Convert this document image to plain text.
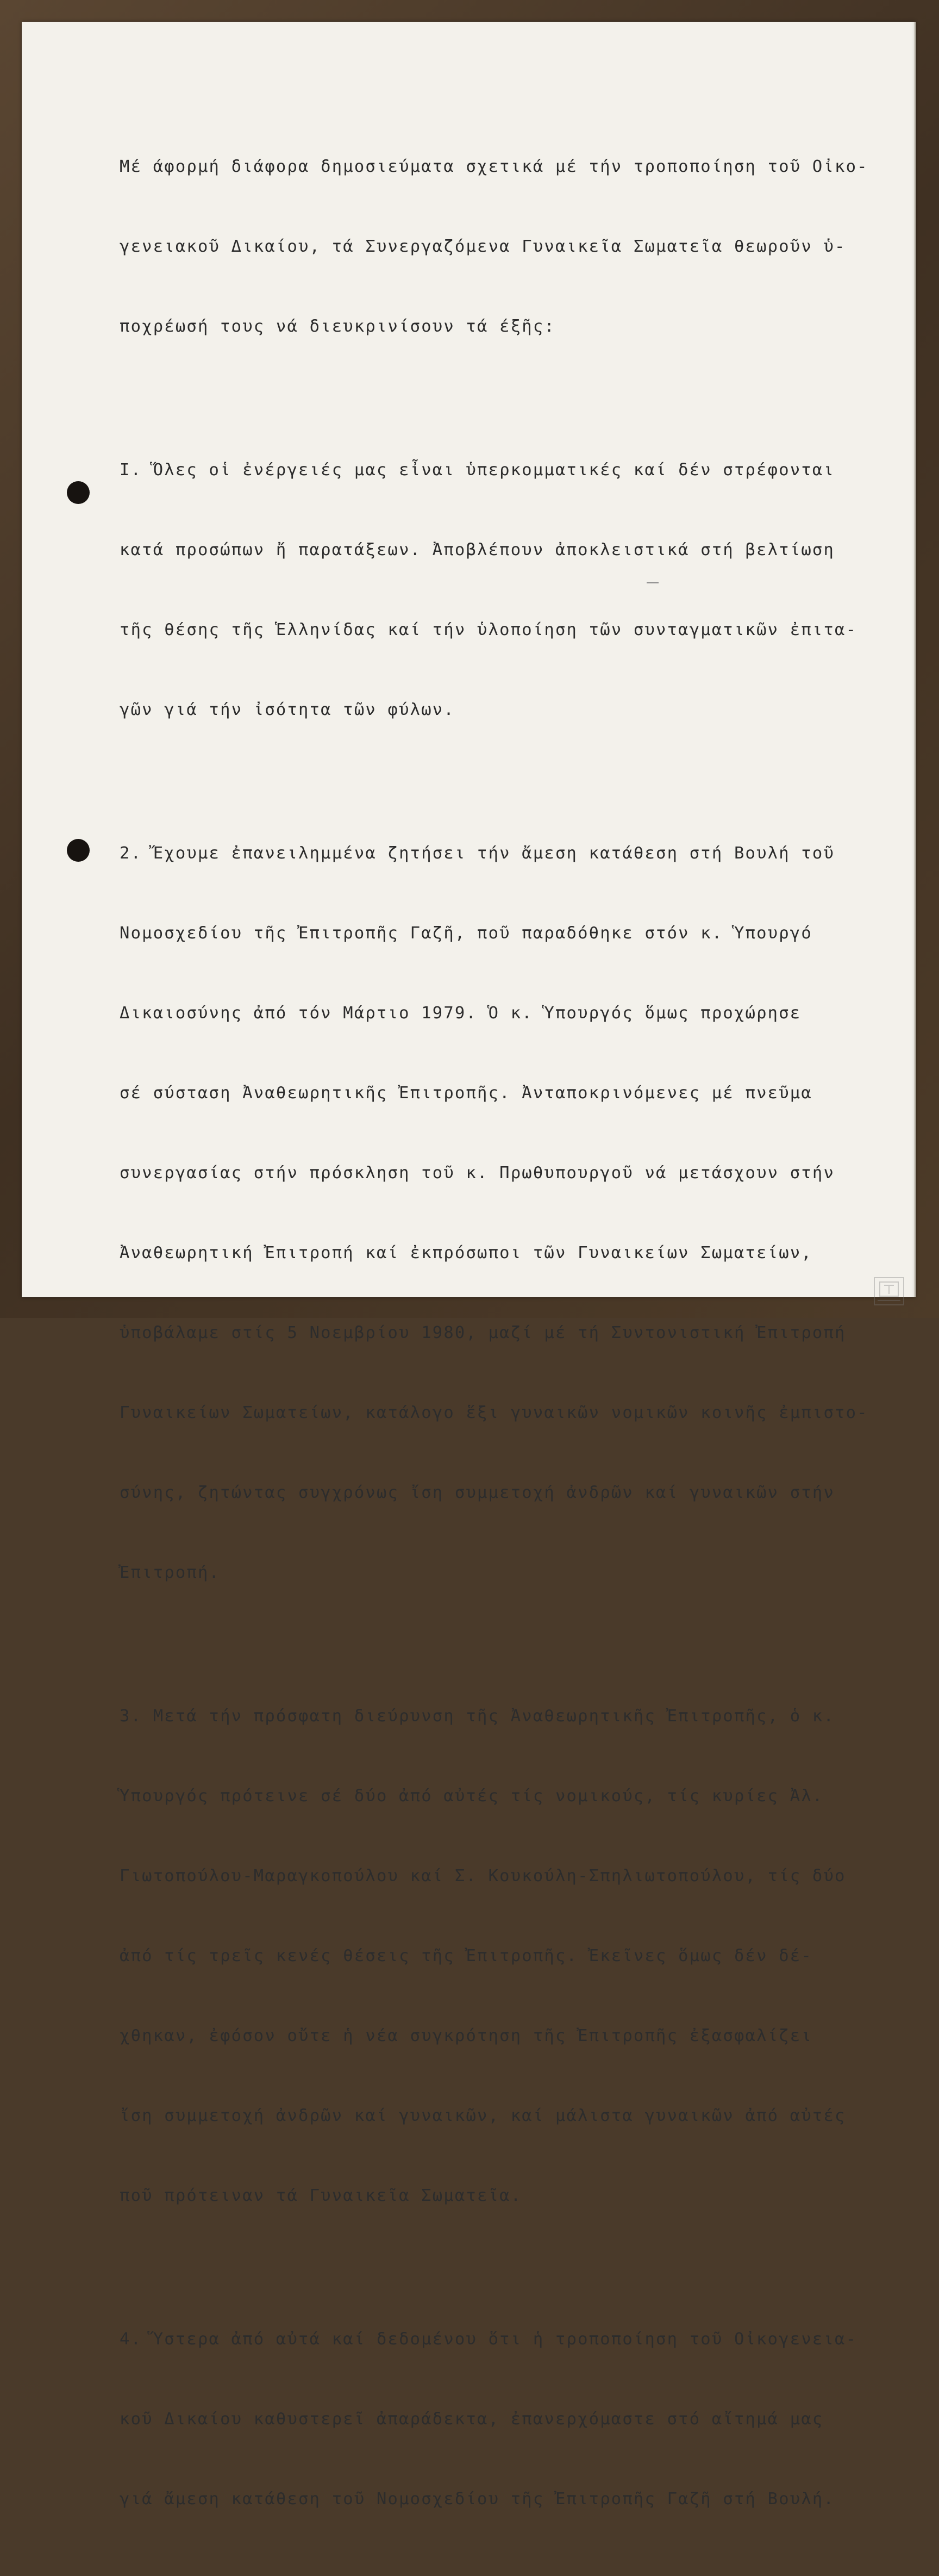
Μέ άφορμή διάφορα δημοσιεύματα σχετικά μέ τήν τροποποίηση τοῦ Οἰκο-

γενειακοῦ Δικαίου, τά Συνεργαζόμενα Γυναικεῖα Σωματεῖα θεωροῦν ὑ-

ποχρέωσή τους νά διευκρινίσουν τά έξῆς:

I. Ὅλες οἱ ἐνέργειές μας εἶναι ὑπερκομματικές καί δέν στρέφονται

κατά προσώπων ἤ παρατάξεων. Ἀποβλέπουν ἀποκλειστικά στή βελτίωση

τῆς θέσης τῆς Ἑλληνίδας καί τήν ὑλοποίηση τῶν συνταγματικῶν ἐπιτα-

γῶν γιά τήν ἰσότητα τῶν φύλων.

2. Ἔχουμε ἐπανειλημμένα ζητήσει τήν ἄμεση κατάθεση στή Βουλή τοῦ

Νομοσχεδίου τῆς Ἐπιτροπῆς Γαζῆ, ποῦ παραδόθηκε στόν κ. Ὑπουργό

Δικαιοσύνης ἀπό τόν Μάρτιο 1979. Ὁ κ. Ὑπουργός ὅμως προχώρησε

σέ σύσταση Ἀναθεωρητικῆς Ἐπιτροπῆς. Ἀνταποκρινόμενες μέ πνεῦμα

συνεργασίας στήν πρόσκληση τοῦ κ. Πρωθυπουργοῦ νά μετάσχουν στήν

Ἀναθεωρητική Ἐπιτροπή καί ἐκπρόσωποι τῶν Γυναικείων Σωματείων,

ὑποβάλαμε στίς 5 Νοεμβρίου 1980, μαζί μέ τή Συντονιστική Ἐπιτροπή

Γυναικείων Σωματείων, κατάλογο ἕξι γυναικῶν νομικῶν κοινῆς ἐμπιστο-

σύνης, ζητώντας συγχρόνως ἴση συμμετοχή ἀνδρῶν καί γυναικῶν στήν

Ἐπιτροπή.

3. Μετά τήν πρόσφατη διεύρυνση τῆς Ἀναθεωρητικῆς Ἐπιτροπῆς, ὁ κ.

Ὑπουργός πρότεινε σέ δύο ἀπό αὐτές τίς νομικούς, τίς κυρίες Ἀλ.

Γιωτοπούλου-Μαραγκοπούλου καί Σ. Κουκούλη-Σπηλιωτοπούλου, τίς δύο

ἀπό τίς τρεῖς κενές θέσεις τῆς Ἐπιτροπῆς. Ἐκεῖνες ὅμως δέν δέ-

χθηκαν, ἐφόσον οὔτε ἡ νέα συγκρότηση τῆς Ἐπιτροπῆς ἐξασφαλίζει

ἴση συμμετοχή ἀνδρῶν καί γυναικῶν, καί μάλιστα γυναικῶν ἀπό αὐτές

ποῦ πρότειναν τά Γυναικεῖα Σωματεῖα.

4. Ὕστερα ἀπό αὐτά καί δεδομένου ὅτι ἡ τροποποίηση τοῦ Οἰκογενεια-

κοῦ Δικαίου καθυστερεῖ ἀπαράδεκτα, ἐπανερχόμαστε στό αἴτημά μας

γιά ἄμεση κατάθεση τοῦ Νομοσχεδίου τῆς Ἐπιτροπῆς Γαζῆ στή Βουλή.
